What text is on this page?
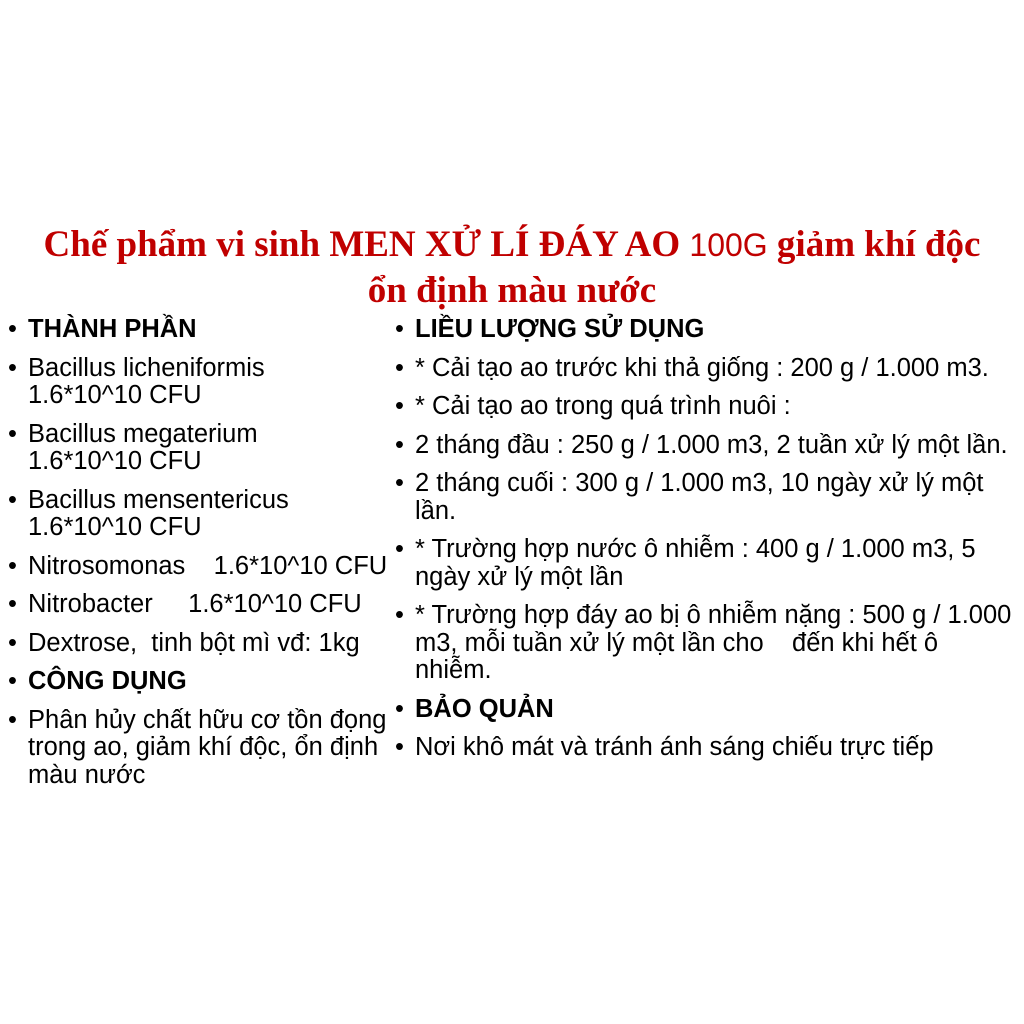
Chế phẩm vi sinh MEN XỬ LÍ ĐÁY AO 100G giảm khí độc
ổn định màu nước
•
THÀNH PHẦN
•
Bacillus licheniformis
1.6*10^10 CFU
•
Bacillus megaterium
1.6*10^10 CFU
•
Bacillus mensentericus
1.6*10^10 CFU
•
Nitrosomonas    1.6*10^10 CFU
•
Nitrobacter     1.6*10^10 CFU
•
Dextrose,  tinh bột mì vđ: 1kg
•
CÔNG DỤNG
•
Phân hủy chất hữu cơ tồn đọng
trong ao, giảm khí độc, ổn định
màu nước
•
LIỀU LƯỢNG SỬ DỤNG
•
* Cải tạo ao trước khi thả giống : 200 g / 1.000 m3.
•
* Cải tạo ao trong quá trình nuôi :
•
2 tháng đầu : 250 g / 1.000 m3, 2 tuần xử lý một lần.
•
2 tháng cuối : 300 g / 1.000 m3, 10 ngày xử lý một
lần.
•
* Trường hợp nước ô nhiễm : 400 g / 1.000 m3, 5
ngày xử lý một lần
•
* Trường hợp đáy ao bị ô nhiễm nặng : 500 g / 1.000
m3, mỗi tuần xử lý một lần cho    đến khi hết ô
nhiễm.
•
BẢO QUẢN
•
Nơi khô mát và tránh ánh sáng chiếu trực tiếp
